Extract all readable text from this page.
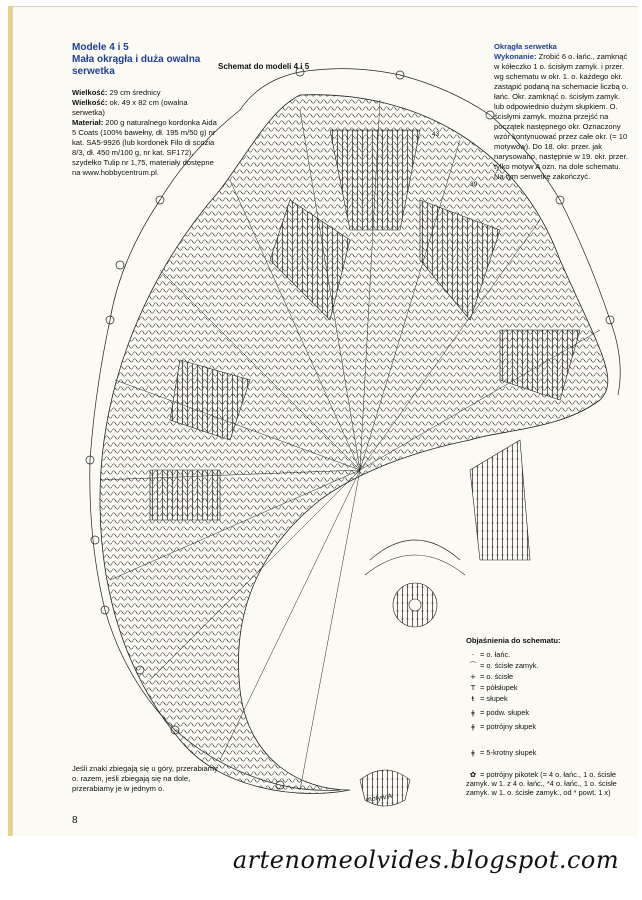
Modele 4 i 5
Mała okrągła i duża owalna
serwetka
Wielkość: 29 cm średnicy
Wielkość: ok. 49 x 82 cm (owalna serwetka)
Materiał: 200 g naturalnego kordonka Aida 5 Coats (100% bawełny, dł. 195 m/50 g) nr kat. SA5-9926 (lub kordonek Filo di scozia 8/3, dł. 450 m/100 g, nr kat. SF172), szydełko Tulip nr 1,75, materiały dostępne na www.hobbycentrum.pl.
Schemat do modeli 4 i 5
43
39
Okrągła serwetka
Wykonanie: Zrobić 6 o. łańc., zamknąć w kółeczko 1 o. ścisłym zamyk. i przer. wg schematu w okr. 1. o. każdego okr. zastąpić podaną na schemacie liczbą o. łańc. Okr. zamknąć o. ścisłym zamyk. lub odpowiednio dużym słupkiem. O. ścisłymi zamyk. można przejść na początek następnego okr. Oznaczony wzór kontynuować przez całe okr. (= 10 motywów). Do 18. okr. przer. jak narysowano, następnie w 19. okr. przer. tylko motyw A ozn. na dole schematu. Na tym serwetkę zakończyć.
Objaśnienia do schematu:
· = o. łańc.
⌒ = o. ścisłe zamyk.
+ = o. ścisłe
T = półsłupek
ŧ = słupek
ǂ = podw. słupek
ǂ = potrójny słupek
ǂ = 5-krotny słupek
✿ = potrójny pikotek (= 4 o. łańc., 1 o. ścisłe zamyk. w 1. z 4 o. łańc., *4 o. łańc., 1 o. ścisłe zamyk. w 1. o. ścisłe zamyk., od * powt. 1 x)
Jeśli znaki zbiegają się u góry, przerabiamy o. razem, jeśli zbiegają się na dole, przerabiamy je w jednym o.
motyw A
8
artenomeolvides.blogspot.com
